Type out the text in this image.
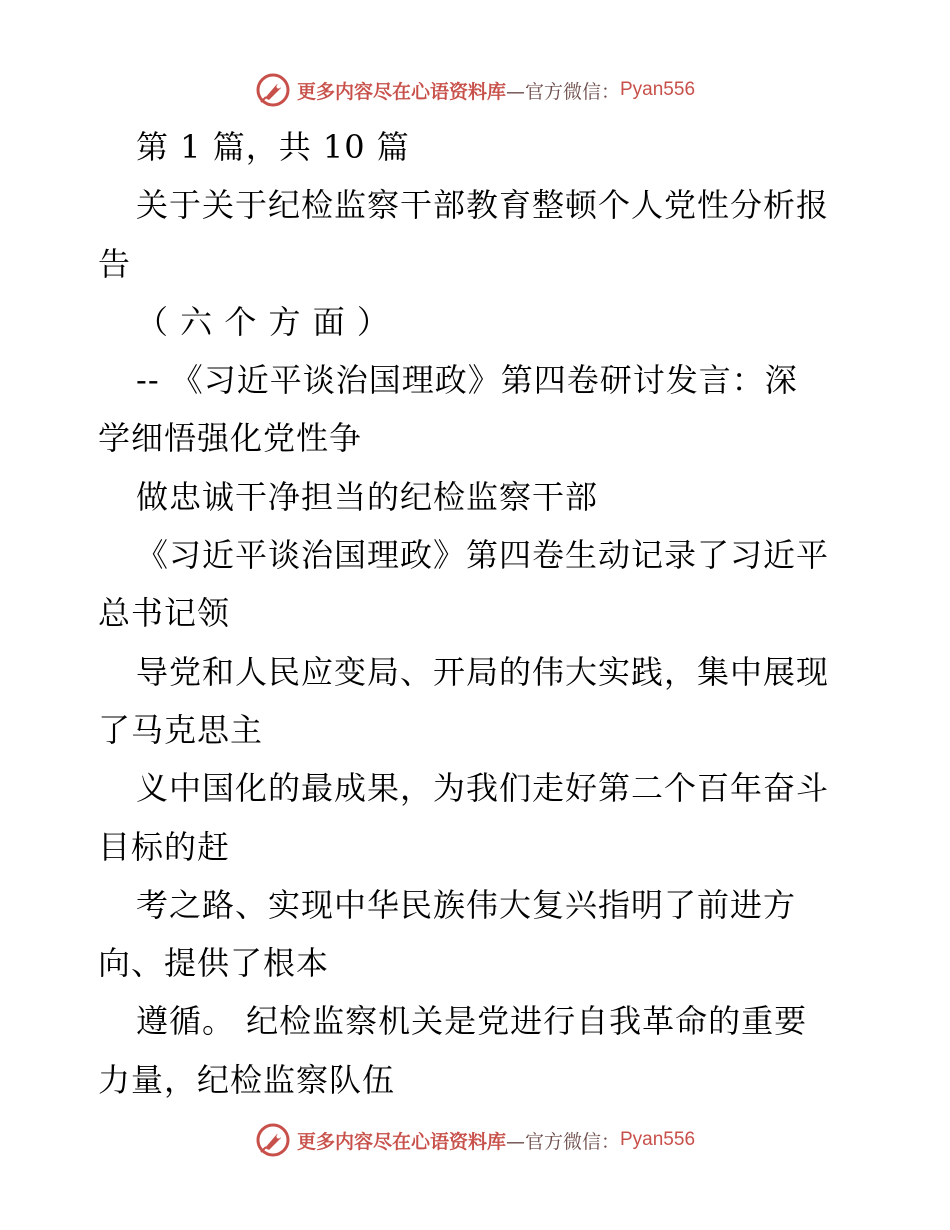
更多内容尽在心语资料库 —官方微信： Pyan556
第 1 篇，共 10 篇
关于关于纪检监察干部教育整顿个人党性分析报
告
（ 六 个 方 面 ）
-- 《习近平谈治国理政》第四卷研讨发言：深
学细悟强化党性争
做忠诚干净担当的纪检监察干部
《习近平谈治国理政》第四卷生动记录了习近平
总书记领
导党和人民应变局、开局的伟大实践，集中展现
了马克思主
义中国化的最成果，为我们走好第二个百年奋斗
目标的赶
考之路、实现中华民族伟大复兴指明了前进方
向、提供了根本
遵循。 纪检监察机关是党进行自我革命的重要
力量，纪检监察队伍
更多内容尽在心语资料库 —官方微信： Pyan556
